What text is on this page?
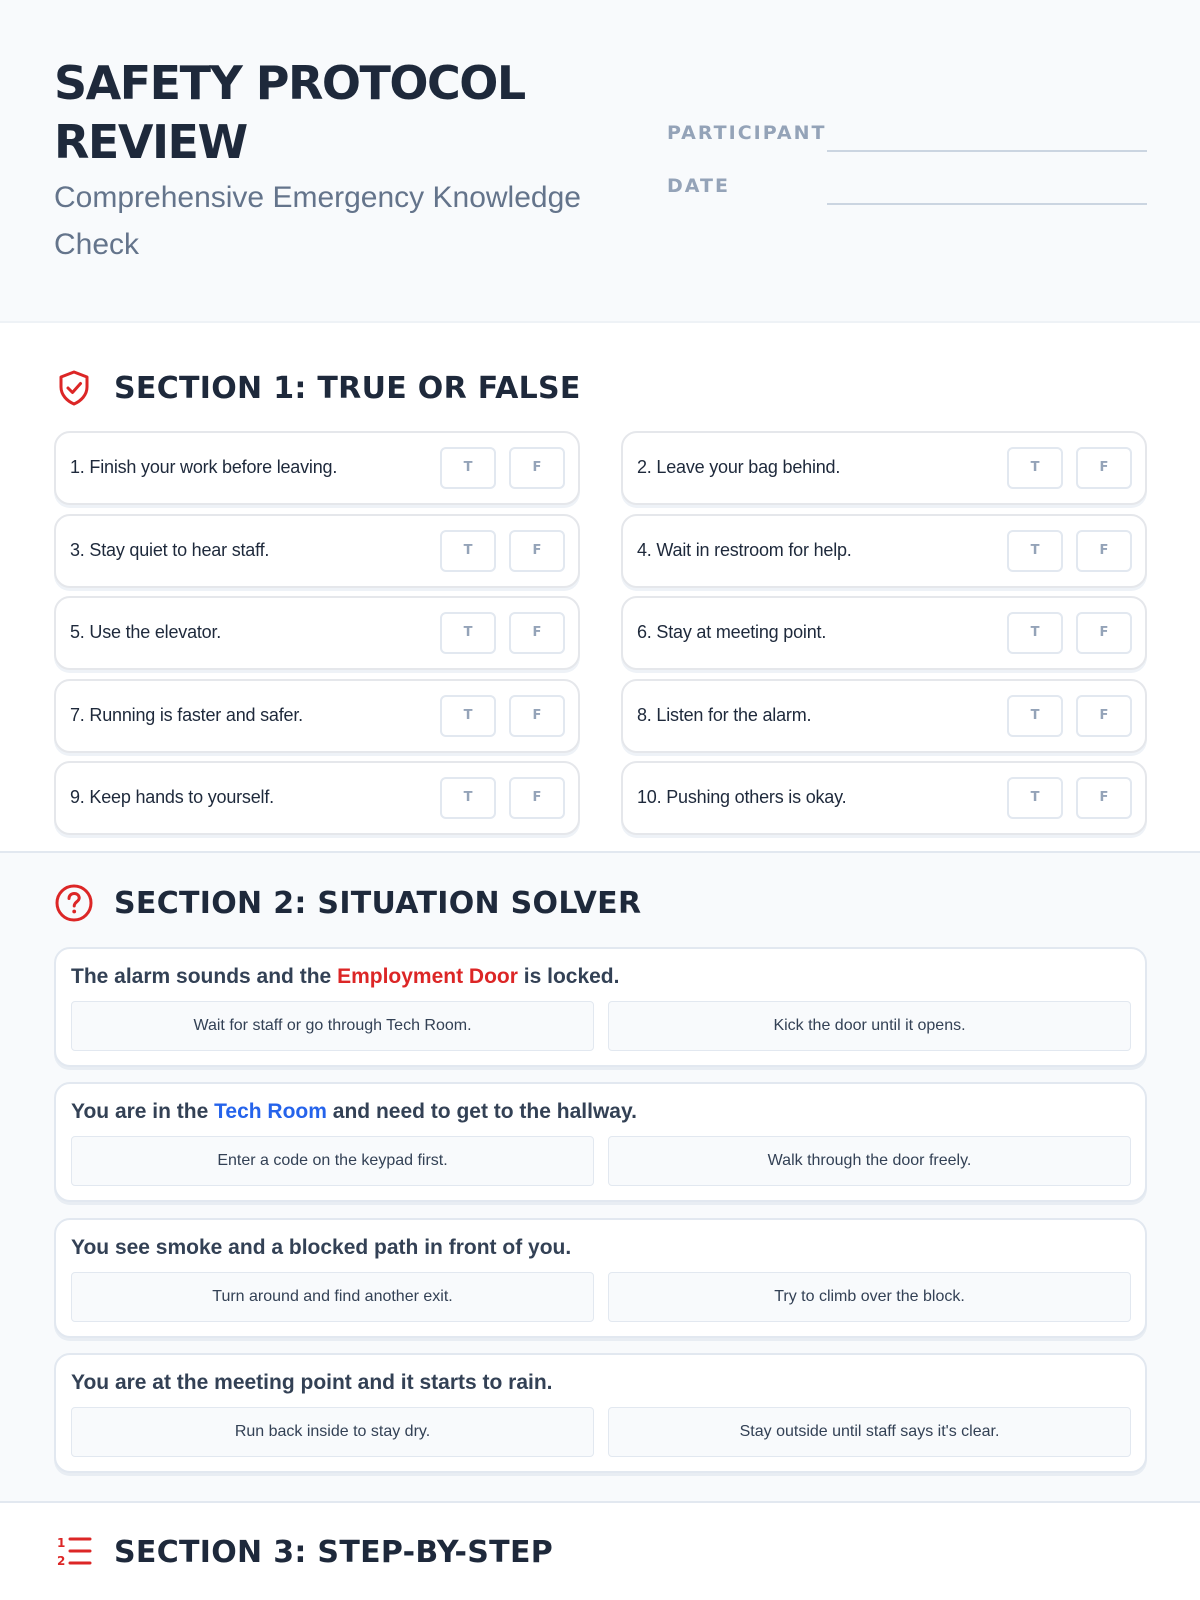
SAFETY PROTOCOL REVIEW
Comprehensive Emergency Knowledge Check
PARTICIPANT
DATE
SECTION 1: TRUE OR FALSE
1. Finish your work before leaving.	T	F	2. Leave your bag behind.	T	F
3. Stay quiet to hear staff.	T	F	4. Wait in restroom for help.	T	F
5. Use the elevator.	T	F	6. Stay at meeting point.	T	F
7. Running is faster and safer.	T	F	8. Listen for the alarm.	T	F
9. Keep hands to yourself.	T	F	10. Pushing others is okay.	T	F
SECTION 2: SITUATION SOLVER
The alarm sounds and the Employment Door is locked.
Wait for staff or go through Tech Room.	Kick the door until it opens.
You are in the Tech Room and need to get to the hallway.
Enter a code on the keypad first.	Walk through the door freely.
You see smoke and a blocked path in front of you.
Turn around and find another exit.	Try to climb over the block.
You are at the meeting point and it starts to rain.
Run back inside to stay dry.	Stay outside until staff says it's clear.
1
2 SECTION 3: STEP-BY-STEP
